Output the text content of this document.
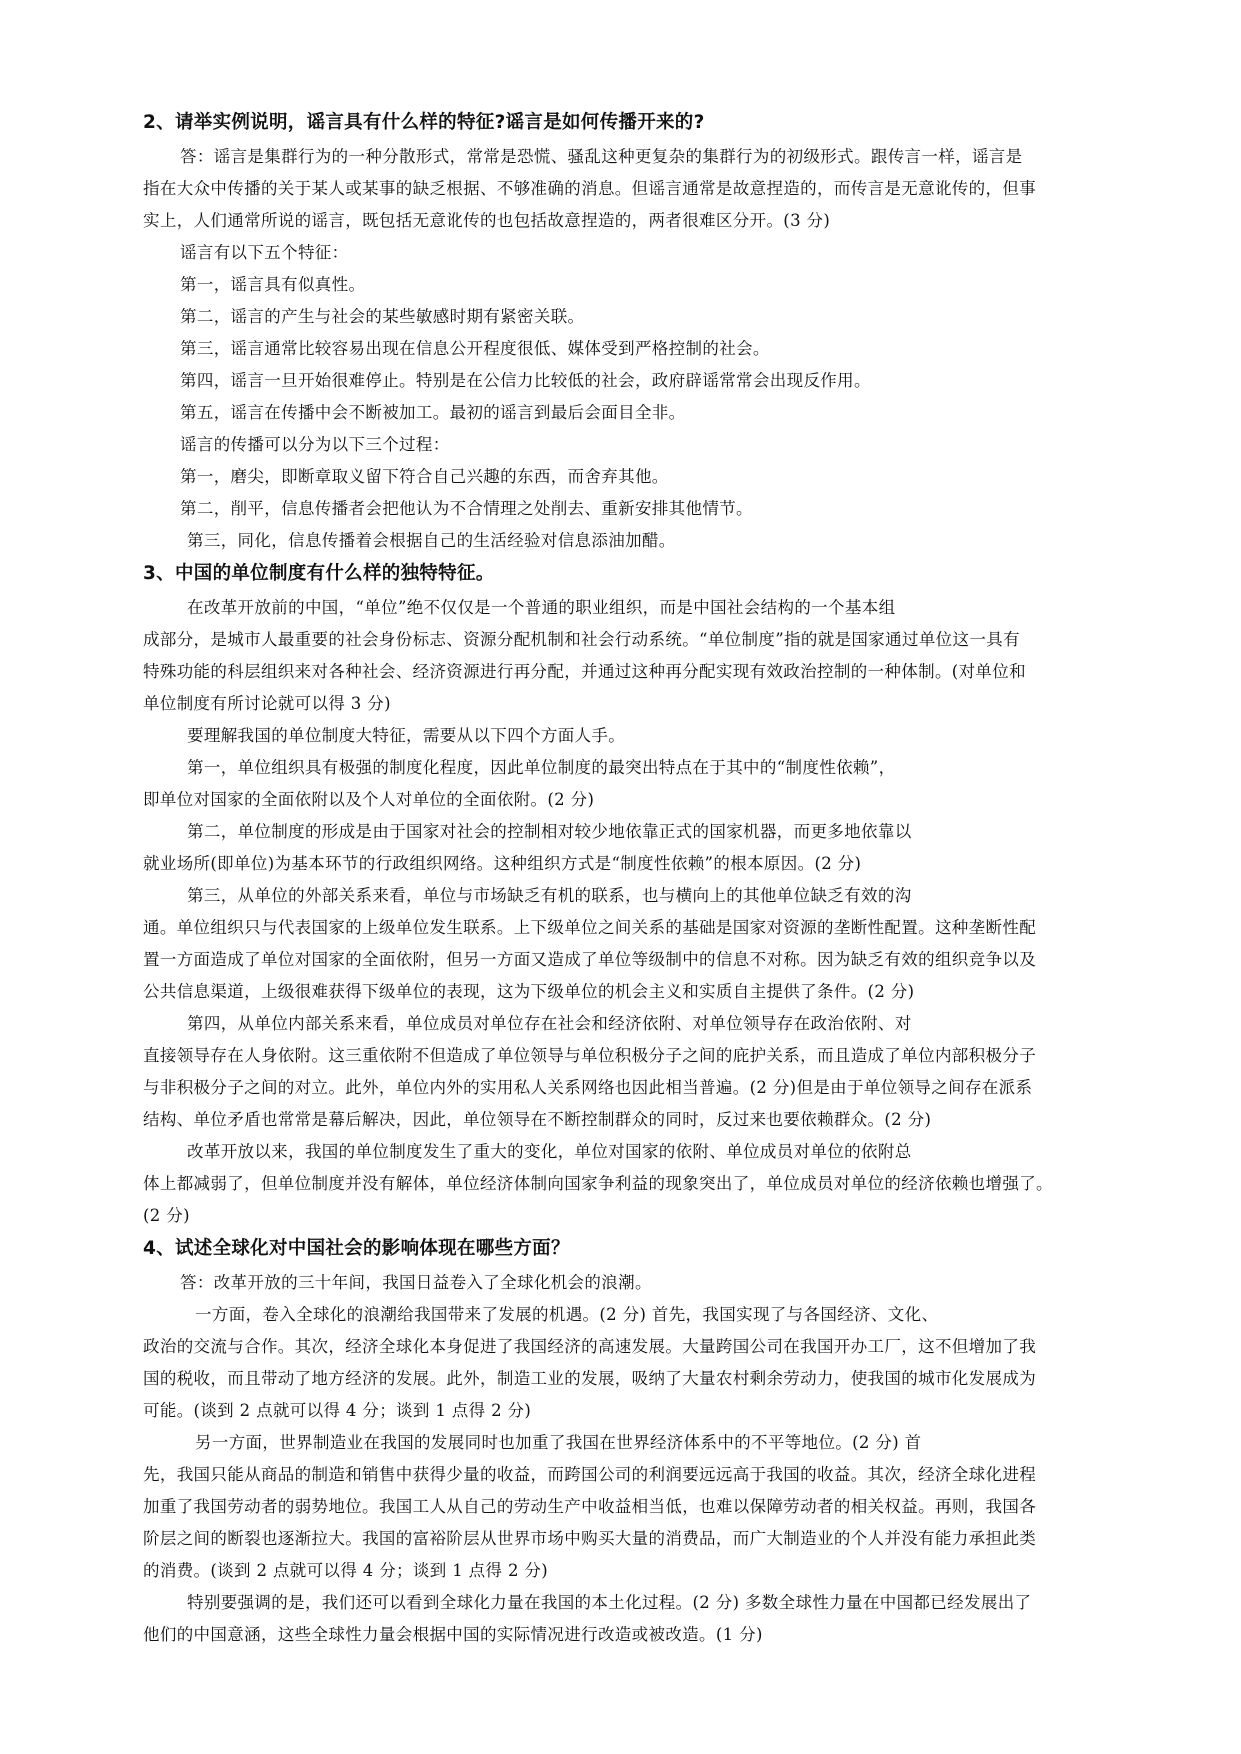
2、请举实例说明，谣言具有什么样的特征?谣言是如何传播开来的?
答：谣言是集群行为的一种分散形式，常常是恐慌、骚乱这种更复杂的集群行为的初级形式。跟传言一样，谣言是
指在大众中传播的关于某人或某事的缺乏根据、不够准确的消息。但谣言通常是故意捏造的，而传言是无意讹传的，但事
实上，人们通常所说的谣言，既包括无意讹传的也包括故意捏造的，两者很难区分开。(3 分)
谣言有以下五个特征：
第一，谣言具有似真性。
第二，谣言的产生与社会的某些敏感时期有紧密关联。
第三，谣言通常比较容易出现在信息公开程度很低、媒体受到严格控制的社会。
第四，谣言一旦开始很难停止。特别是在公信力比较低的社会，政府辟谣常常会出现反作用。
第五，谣言在传播中会不断被加工。最初的谣言到最后会面目全非。
谣言的传播可以分为以下三个过程：
第一，磨尖，即断章取义留下符合自己兴趣的东西，而舍弃其他。
第二，削平，信息传播者会把他认为不合情理之处削去、重新安排其他情节。
第三，同化，信息传播着会根据自己的生活经验对信息添油加醋。
3、中国的单位制度有什么样的独特特征。
在改革开放前的中国，“单位”绝不仅仅是一个普通的职业组织，而是中国社会结构的一个基本组
成部分，是城市人最重要的社会身份标志、资源分配机制和社会行动系统。“单位制度”指的就是国家通过单位这一具有
特殊功能的科层组织来对各种社会、经济资源进行再分配，并通过这种再分配实现有效政治控制的一种体制。(对单位和
单位制度有所讨论就可以得 3 分)
要理解我国的单位制度大特征，需要从以下四个方面人手。
第一，单位组织具有极强的制度化程度，因此单位制度的最突出特点在于其中的“制度性依赖”，
即单位对国家的全面依附以及个人对单位的全面依附。(2 分)
第二，单位制度的形成是由于国家对社会的控制相对较少地依靠正式的国家机器，而更多地依靠以
就业场所(即单位)为基本环节的行政组织网络。这种组织方式是“制度性依赖”的根本原因。(2 分)
第三，从单位的外部关系来看，单位与市场缺乏有机的联系，也与横向上的其他单位缺乏有效的沟
通。单位组织只与代表国家的上级单位发生联系。上下级单位之间关系的基础是国家对资源的垄断性配置。这种垄断性配
置一方面造成了单位对国家的全面依附，但另一方面又造成了单位等级制中的信息不对称。因为缺乏有效的组织竞争以及
公共信息渠道，上级很难获得下级单位的表现，这为下级单位的机会主义和实质自主提供了条件。(2 分)
第四，从单位内部关系来看，单位成员对单位存在社会和经济依附、对单位领导存在政治依附、对
直接领导存在人身依附。这三重依附不但造成了单位领导与单位积极分子之间的庇护关系，而且造成了单位内部积极分子
与非积极分子之间的对立。此外，单位内外的实用私人关系网络也因此相当普遍。(2 分)但是由于单位领导之间存在派系
结构、单位矛盾也常常是幕后解决，因此，单位领导在不断控制群众的同时，反过来也要依赖群众。(2 分)
改革开放以来，我国的单位制度发生了重大的变化，单位对国家的依附、单位成员对单位的依附总
体上都减弱了，但单位制度并没有解体，单位经济体制向国家争利益的现象突出了，单位成员对单位的经济依赖也增强了。
(2 分)
4、试述全球化对中国社会的影响体现在哪些方面？
答：改革开放的三十年间，我国日益卷入了全球化机会的浪潮。
一方面，卷入全球化的浪潮给我国带来了发展的机遇。(2 分) 首先，我国实现了与各国经济、文化、
政治的交流与合作。其次，经济全球化本身促进了我国经济的高速发展。大量跨国公司在我国开办工厂，这不但增加了我
国的税收，而且带动了地方经济的发展。此外，制造工业的发展，吸纳了大量农村剩余劳动力，使我国的城市化发展成为
可能。(谈到 2 点就可以得 4 分；谈到 1 点得 2 分)
另一方面，世界制造业在我国的发展同时也加重了我国在世界经济体系中的不平等地位。(2 分) 首
先，我国只能从商品的制造和销售中获得少量的收益，而跨国公司的利润要远远高于我国的收益。其次，经济全球化进程
加重了我国劳动者的弱势地位。我国工人从自己的劳动生产中收益相当低，也难以保障劳动者的相关权益。再则，我国各
阶层之间的断裂也逐渐拉大。我国的富裕阶层从世界市场中购买大量的消费品，而广大制造业的个人并没有能力承担此类
的消费。(谈到 2 点就可以得 4 分；谈到 1 点得 2 分)
特别要强调的是，我们还可以看到全球化力量在我国的本土化过程。(2 分) 多数全球性力量在中国都已经发展出了
他们的中国意涵，这些全球性力量会根据中国的实际情况进行改造或被改造。(1 分)
